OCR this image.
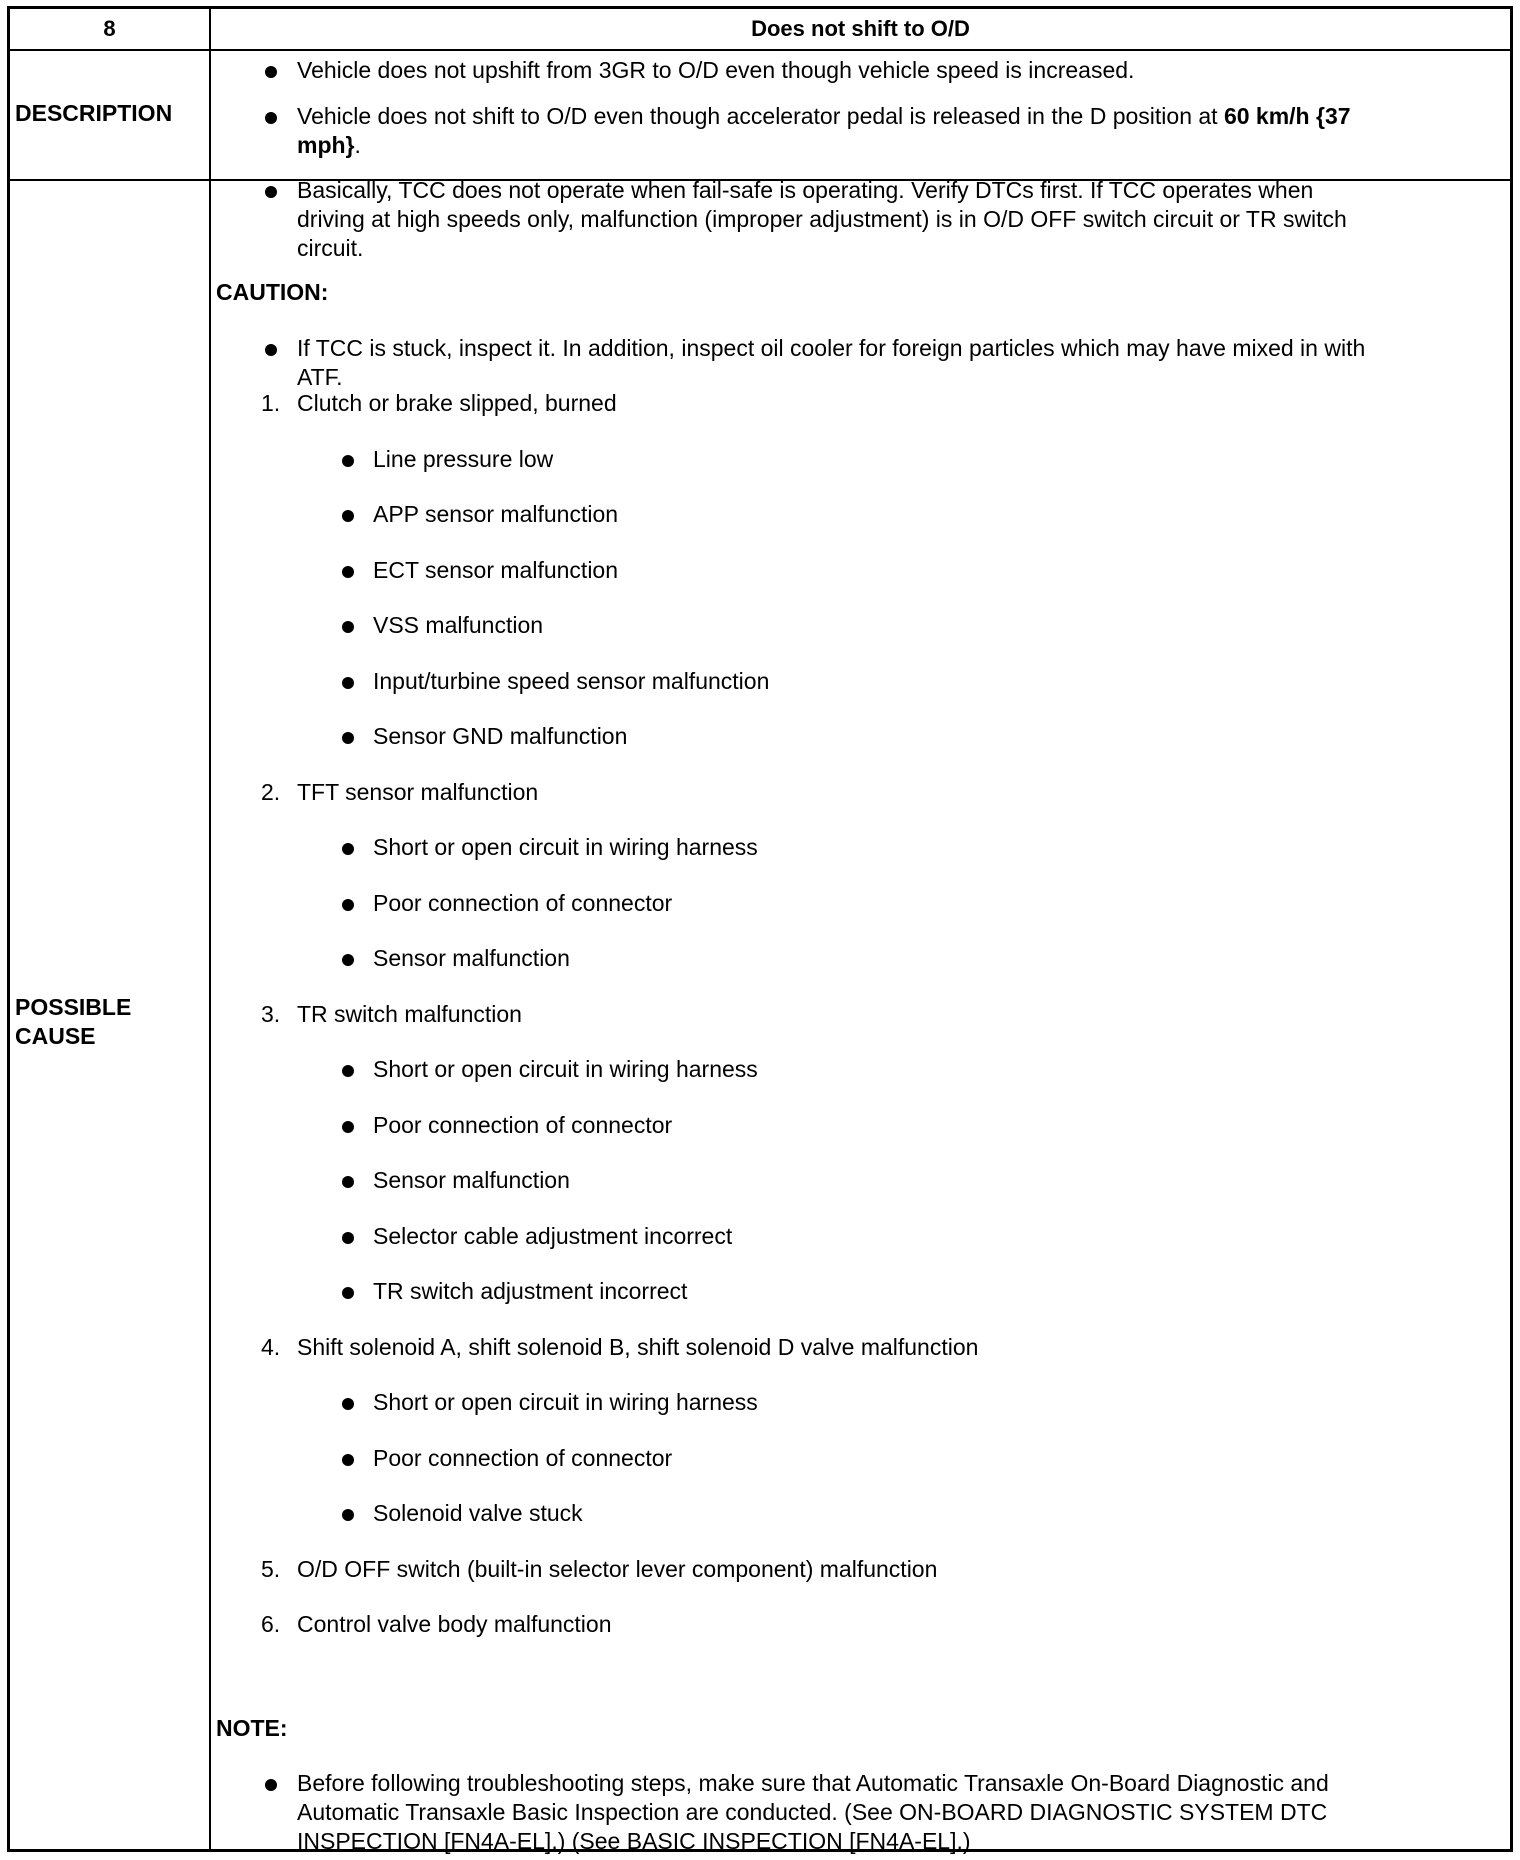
8	Does not shift to O/D
DESCRIPTION
POSSIBLE
CAUSE
Vehicle does not upshift from 3GR to O/D even though vehicle speed is increased.
Vehicle does not shift to O/D even though accelerator pedal is released in the D position at 60 km/h {37
mph}.
Basically, TCC does not operate when fail-safe is operating. Verify DTCs first. If TCC operates when
driving at high speeds only, malfunction (improper adjustment) is in O/D OFF switch circuit or TR switch
circuit.
CAUTION:
If TCC is stuck, inspect it. In addition, inspect oil cooler for foreign particles which may have mixed in with
ATF.
1. Clutch or brake slipped, burned
Line pressure low
APP sensor malfunction
ECT sensor malfunction
VSS malfunction
Input/turbine speed sensor malfunction
Sensor GND malfunction
2. TFT sensor malfunction
Short or open circuit in wiring harness
Poor connection of connector
Sensor malfunction
3. TR switch malfunction
Short or open circuit in wiring harness
Poor connection of connector
Sensor malfunction
Selector cable adjustment incorrect
TR switch adjustment incorrect
4. Shift solenoid A, shift solenoid B, shift solenoid D valve malfunction
Short or open circuit in wiring harness
Poor connection of connector
Solenoid valve stuck
5. O/D OFF switch (built-in selector lever component) malfunction
6. Control valve body malfunction
NOTE:
Before following troubleshooting steps, make sure that Automatic Transaxle On-Board Diagnostic and
Automatic Transaxle Basic Inspection are conducted. (See ON-BOARD DIAGNOSTIC SYSTEM DTC
INSPECTION [FN4A-EL].) (See BASIC INSPECTION [FN4A-EL].)
